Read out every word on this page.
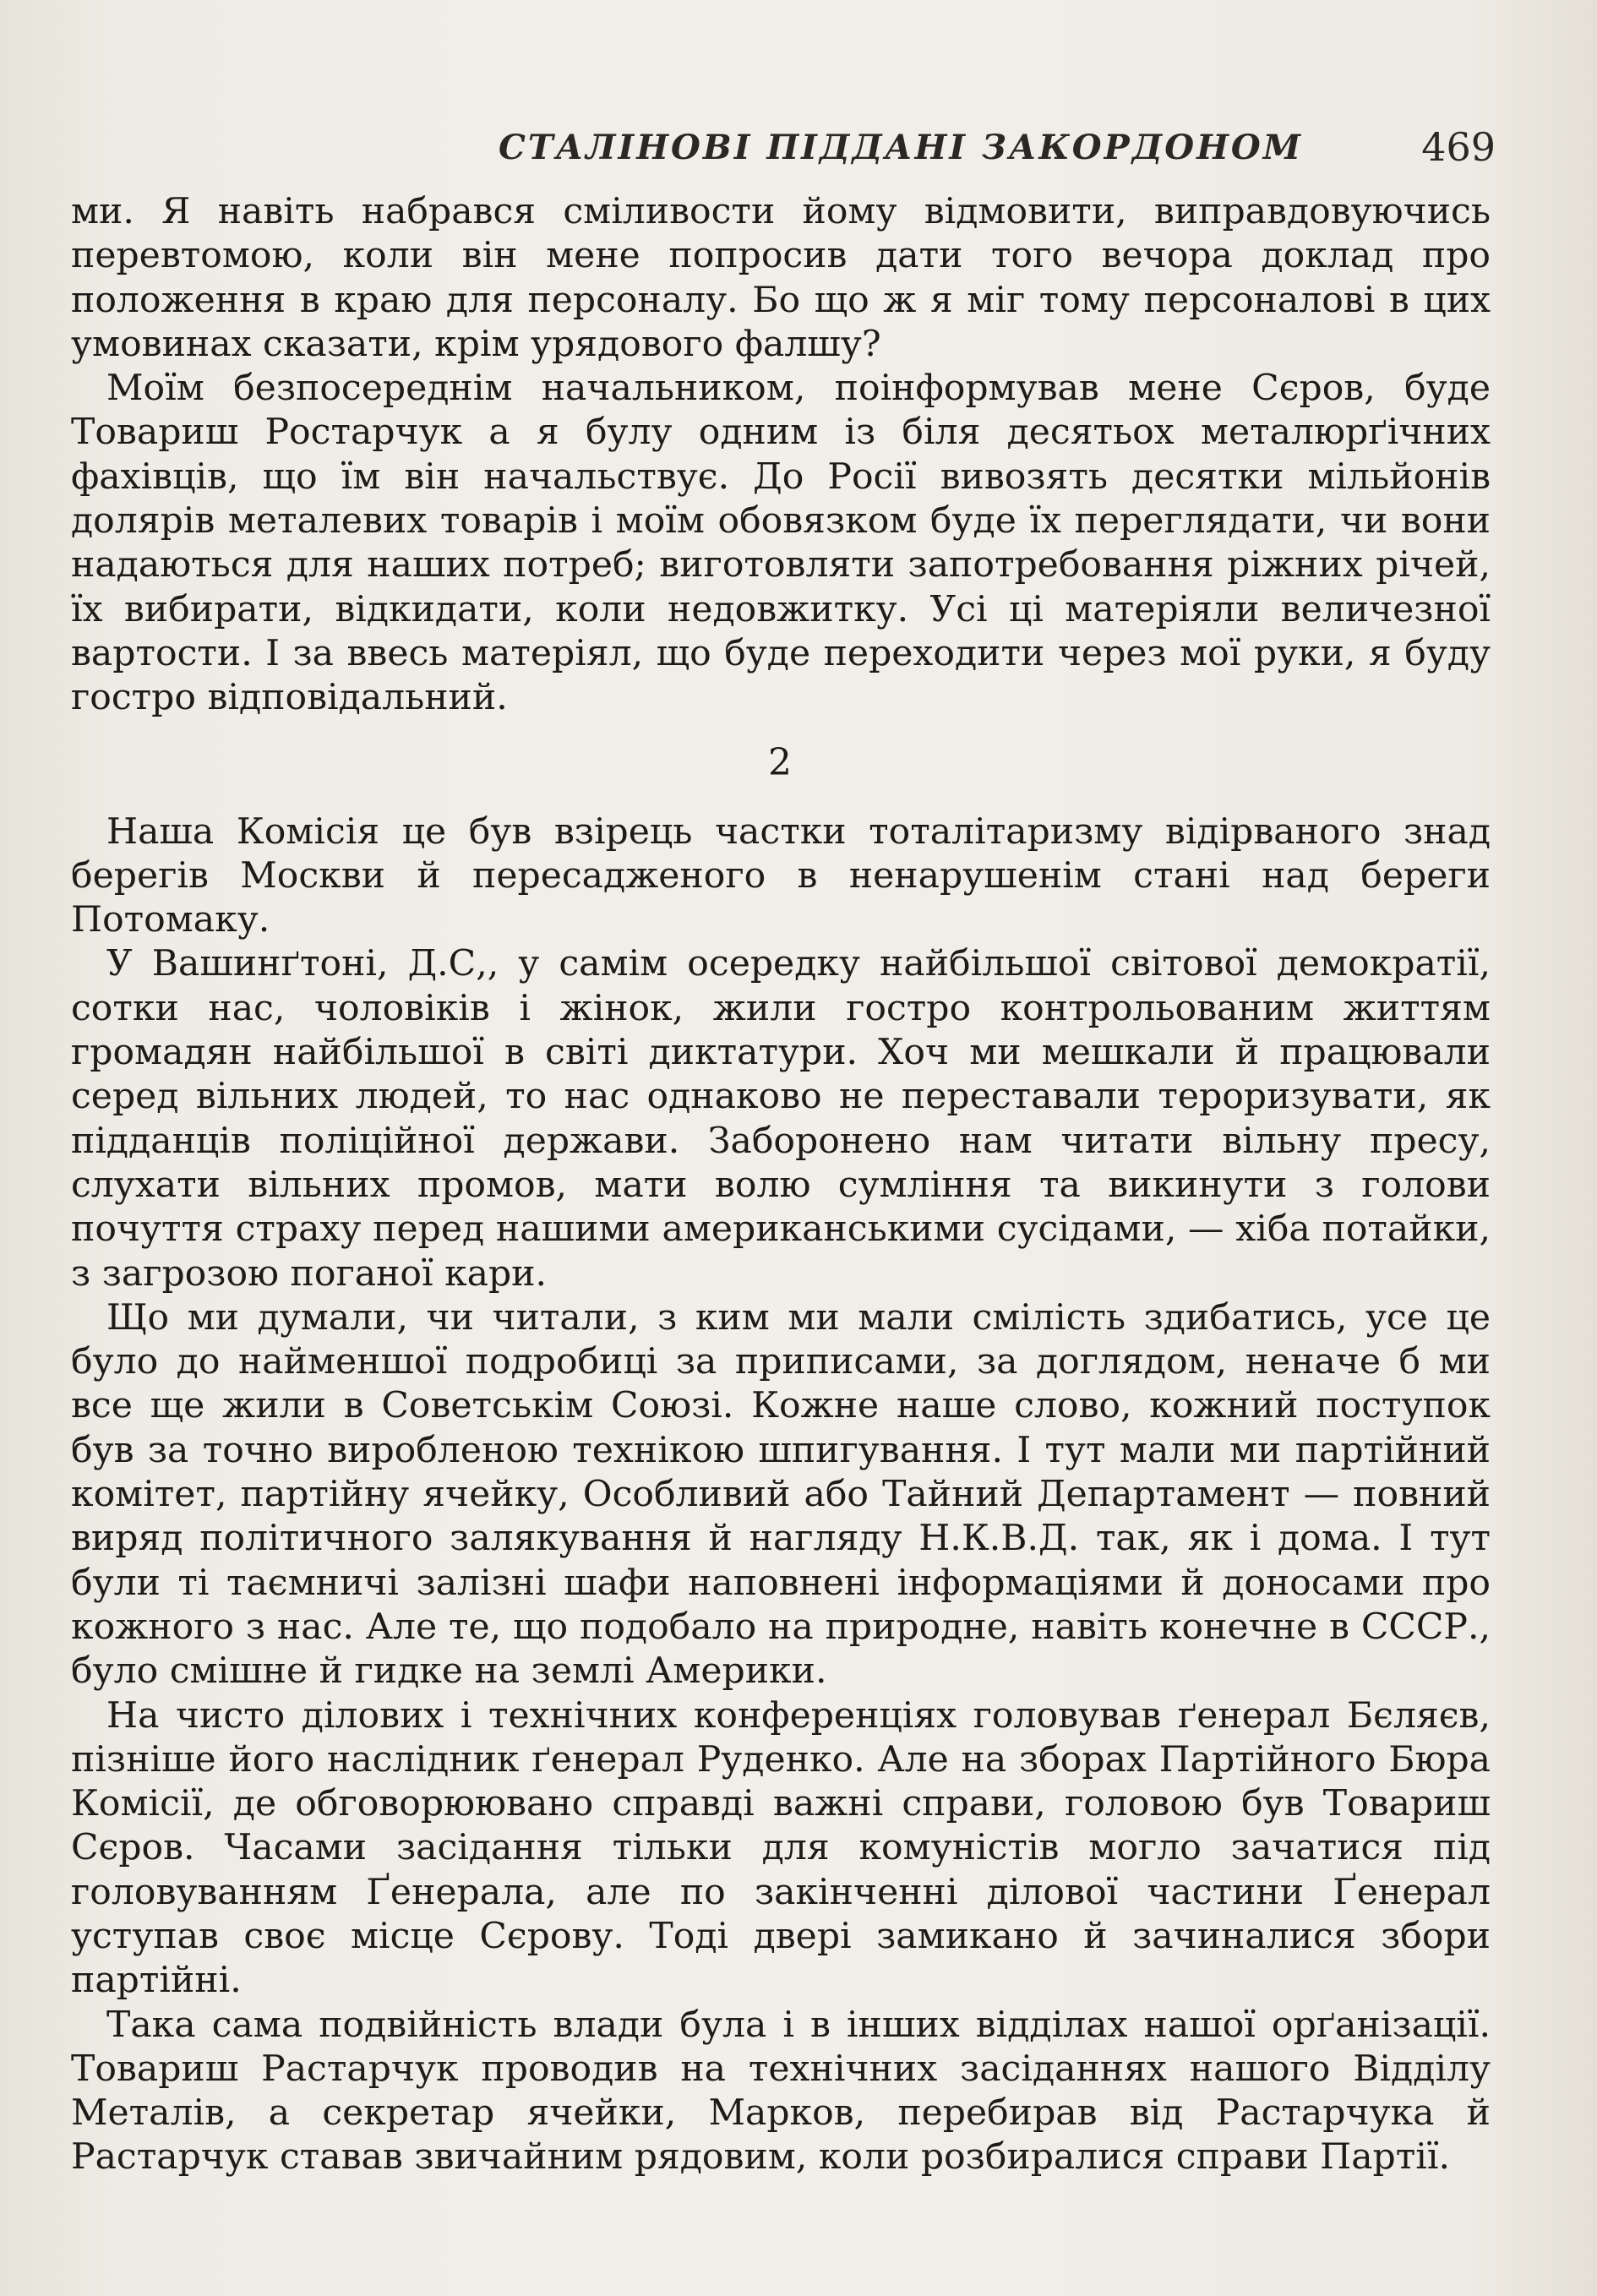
СТАЛІНОВІ ПІДДАНІ ЗАКОРДОНОМ	469

ми. Я навіть набрався сміливости йому відмовити, виправдовуючись перевтомою, коли він мене попросив дати того вечора доклад про положення в краю для персоналу. Бо що ж я міг тому персоналові в цих умовинах сказати, крім урядового фалшу?

Моїм безпосереднім начальником, поінформував мене Сєров, буде Товариш Ростарчук а я булу одним із біля десятьох металюрґічних фахівців, що їм він начальствує. До Росії вивозять десятки мільйонів долярів металевих товарів і моїм обовязком буде їх переглядати, чи вони надаються для наших потреб; виготовляти запотребовання ріжних річей, їх вибирати, відкидати, коли недовжитку. Усі ці матеріяли величезної вартости. І за ввесь матеріял, що буде переходити через мої руки, я буду гостро відповідальний.

2

Наша Комісія це був взірець частки тоталітаризму відірваного знад берегів Москви й пересадженого в ненарушенім стані над береги Потомаку.

У Вашинґтоні, Д.С,, у самім осередку найбільшої світової демократії, сотки нас, чоловіків і жінок, жили гостро контрольованим життям громадян найбільшої в світі диктатури. Хоч ми мешкали й працювали серед вільних людей, то нас однаково не переставали тероризувати, як підданців поліційної держави. Заборонено нам читати вільну пресу, слухати вільних промов, мати волю сумління та викинути з голови почуття страху перед нашими американськими сусідами, — хіба потайки, з загрозою поганої кари.

Що ми думали, чи читали, з ким ми мали смілість здибатись, усе це було до найменшої подробиці за приписами, за доглядом, неначе б ми все ще жили в Советськім Союзі. Кожне наше слово, кожний поступок був за точно виробленою технікою шпигування. І тут мали ми партійний комітет, партійну ячейку, Особливий або Тайний Департамент — повний виряд політичного залякування й нагляду Н.К.В.Д. так, як і дома. І тут були ті таємничі залізні шафи наповнені інформаціями й доносами про кожного з нас. Але те, що подобало на природне, навіть конечне в СССР., було смішне й гидке на землі Америки.

На чисто ділових і технічних конференціях головував ґенерал Бєляєв, пізніше його наслідник ґенерал Руденко. Але на зборах Партійного Бюра Комісії, де обговорюювано справді важні справи, головою був Товариш Сєров. Часами засідання тільки для комуністів могло зачатися під головуванням Ґенерала, але по закінченні ділової частини Ґенерал уступав своє місце Сєрову. Тоді двері замикано й зачиналися збори партійні.

Така сама подвійність влади була і в інших відділах нашої орґанізації. Товариш Растарчук проводив на технічних засіданнях нашого Відділу Металів, а секретар ячейки, Марков, перебирав від Растарчука й Растарчук ставав звичайним рядовим, коли розбиралися справи Партії.
